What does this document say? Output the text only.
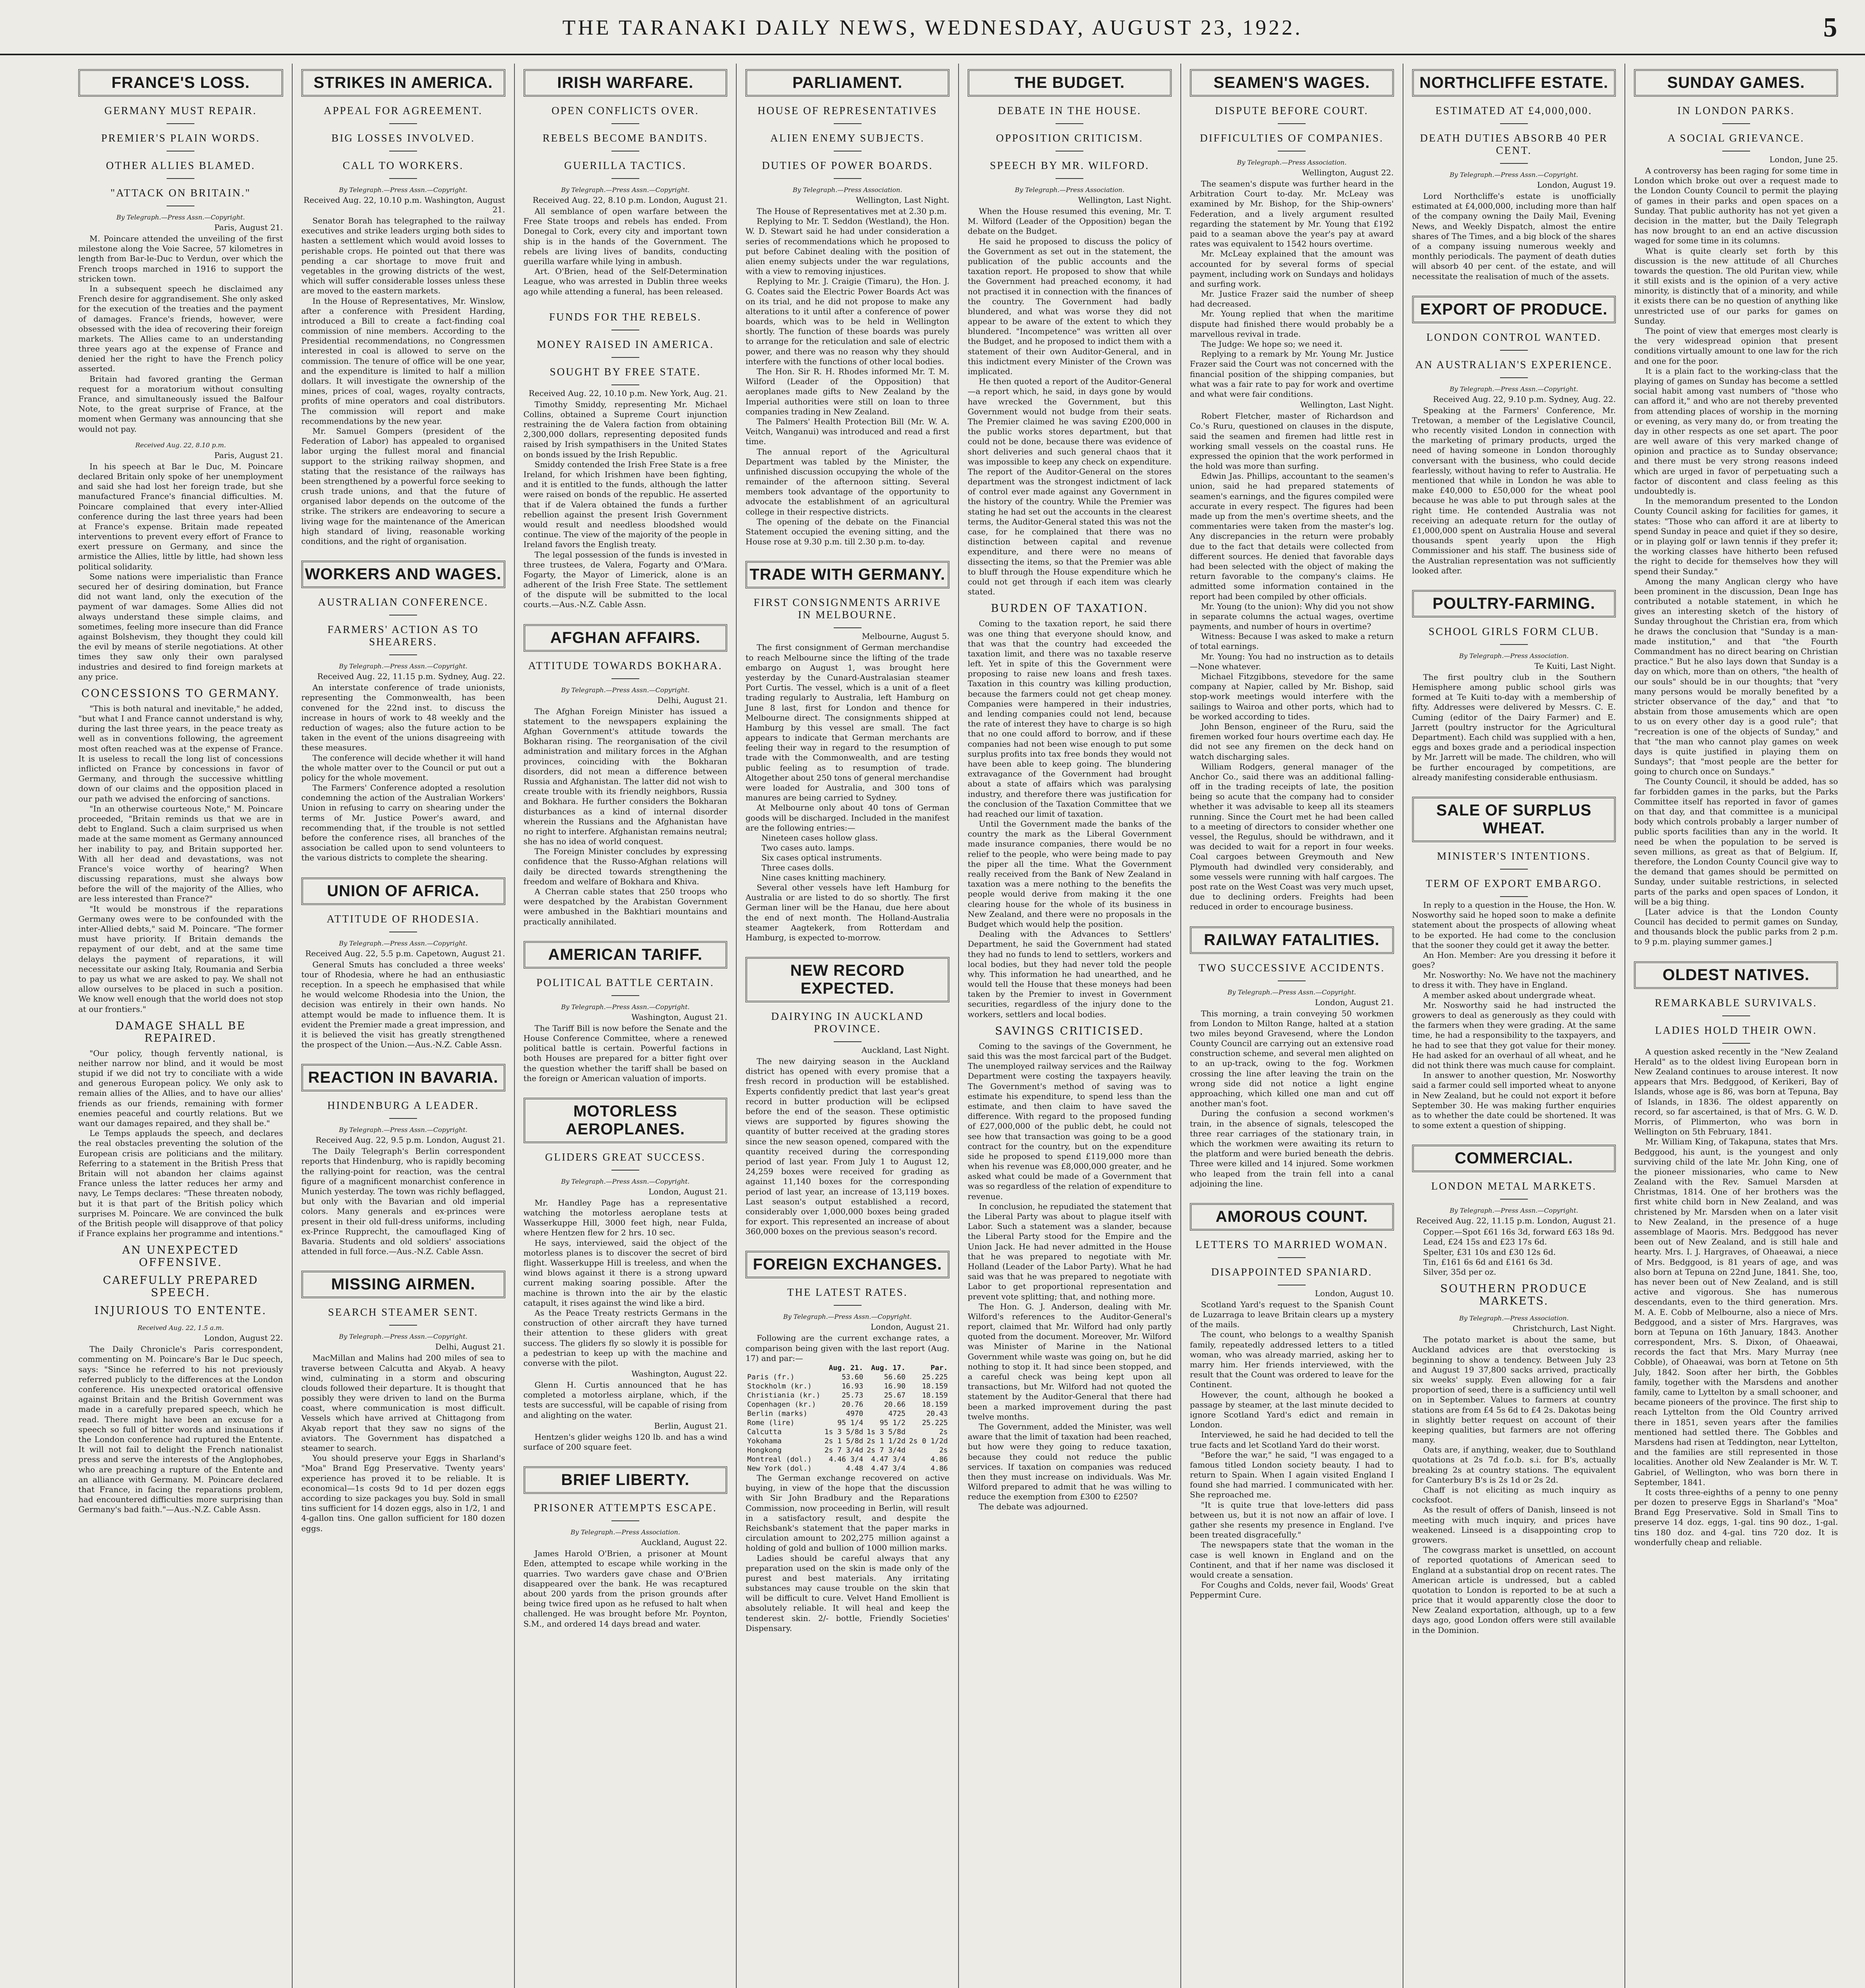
THE TARANAKI DAILY NEWS, WEDNESDAY, AUGUST 23, 1922.	5
FRANCE'S LOSS.
GERMANY MUST REPAIR.
PREMIER'S PLAIN WORDS.
OTHER ALLIES BLAMED.
"ATTACK ON BRITAIN."
By Telegraph.—Press Assn.—Copyright.
Paris, August 21.

M. Poincare attended the unveiling of the first milestone along the Voie Sacree, 57 kilometres in length from Bar-le-Duc to Verdun, over which the French troops marched in 1916 to support the stricken town.

In a subsequent speech he disclaimed any French desire for aggrandisement. She only asked for the execution of the treaties and the payment of damages. France's friends, however, were obsessed with the idea of recovering their foreign markets. The Allies came to an understanding three years ago at the expense of France and denied her the right to have the French policy asserted.

Britain had favored granting the German request for a moratorium without consulting France, and simultaneously issued the Balfour Note, to the great surprise of France, at the moment when Germany was announcing that she would not pay.

Received Aug. 22, 8.10 p.m.
Paris, August 21.

In his speech at Bar le Duc, M. Poincare declared Britain only spoke of her unemployment and said she had lost her foreign trade, but she manufactured France's financial difficulties. M. Poincare complained that every inter-Allied conference during the last three years had been at France's expense. Britain made repeated interventions to prevent every effort of France to exert pressure on Germany, and since the armistice the Allies, little by little, had shown less political solidarity.

Some nations were imperialistic than France secured her of desiring domination, but France did not want land, only the execution of the payment of war damages. Some Allies did not always understand these simple claims, and sometimes, feeling more insecure than did France against Bolshevism, they thought they could kill the evil by means of sterile negotiations. At other times they saw only their own paralysed industries and desired to find foreign markets at any price.

CONCESSIONS TO GERMANY.

"This is both natural and inevitable," he added, "but what I and France cannot understand is why, during the last three years, in the peace treaty as well as in conventions following, the agreement most often reached was at the expense of France. It is useless to recall the long list of concessions inflicted on France by concessions in favor of Germany, and through the successive whittling down of our claims and the opposition placed in our path we advised the enforcing of sanctions.

"In an otherwise courteous Note," M. Poincare proceeded, "Britain reminds us that we are in debt to England. Such a claim surprised us when made at the same moment as Germany announced her inability to pay, and Britain supported her. With all her dead and devastations, was not France's voice worthy of hearing? When discussing reparations, must she always bow before the will of the majority of the Allies, who are less interested than France?"

"It would be monstrous if the reparations Germany owes were to be confounded with the inter-Allied debts," said M. Poincare. "The former must have priority. If Britain demands the repayment of our debt, and at the same time delays the payment of reparations, it will necessitate our asking Italy, Roumania and Serbia to pay us what we are asked to pay. We shall not allow ourselves to be placed in such a position. We know well enough that the world does not stop at our frontiers."

DAMAGE SHALL BE REPAIRED.

"Our policy, though fervently national, is neither narrow nor blind, and it would be most stupid if we did not try to conciliate with a wide and generous European policy. We only ask to remain allies of the Allies, and to have our allies' friends as our friends, remaining with former enemies peaceful and courtly relations. But we want our damages repaired, and they shall be."

Le Temps applauds the speech, and declares the real obstacles preventing the solution of the European crisis are politicians and the military. Referring to a statement in the British Press that Britain will not abandon her claims against France unless the latter reduces her army and navy, Le Temps declares: "These threaten nobody, but it is that part of the British policy which surprises M. Poincare. We are convinced the bulk of the British people will disapprove of that policy if France explains her programme and intentions."

AN UNEXPECTED OFFENSIVE.
CAREFULLY PREPARED SPEECH.
INJURIOUS TO ENTENTE.
Received Aug. 22, 1.5 a.m.
London, August 22.

The Daily Chronicle's Paris correspondent, commenting on M. Poincare's Bar le Duc speech, says: "Since he referred to his not previously referred publicly to the differences at the London conference. His unexpected oratorical offensive against Britain and the British Government was made in a carefully prepared speech, which he read. There might have been an excuse for a speech so full of bitter words and insinuations if the London conference had ruptured the Entente. It will not fail to delight the French nationalist press and serve the interests of the Anglophobes, who are preaching a rupture of the Entente and an alliance with Germany. M. Poincare declared that France, in facing the reparations problem, had encountered difficulties more surprising than Germany's bad faith."—Aus.-N.Z. Cable Assn.

STRIKES IN AMERICA.
APPEAL FOR AGREEMENT.
BIG LOSSES INVOLVED.
CALL TO WORKERS.
By Telegraph.—Press Assn.—Copyright.
Received Aug. 22, 10.10 p.m. Washington, August 21.

Senator Borah has telegraphed to the railway executives and strike leaders urging both sides to hasten a settlement which would avoid losses to perishable crops. He pointed out that there was pending a car shortage to move fruit and vegetables in the growing districts of the west, which will suffer considerable losses unless these are moved to the eastern markets.

In the House of Representatives, Mr. Winslow, after a conference with President Harding, introduced a Bill to create a fact-finding coal commission of nine members. According to the Presidential recommendations, no Congressmen interested in coal is allowed to serve on the commission. The tenure of office will be one year, and the expenditure is limited to half a million dollars. It will investigate the ownership of the mines, prices of coal, wages, royalty contracts, profits of mine operators and coal distributors. The commission will report and make recommendations by the new year.

Mr. Samuel Gompers (president of the Federation of Labor) has appealed to organised labor urging the fullest moral and financial support to the striking railway shopmen, and stating that the resistance of the railways has been strengthened by a powerful force seeking to crush trade unions, and that the future of organised labor depends on the outcome of the strike. The strikers are endeavoring to secure a living wage for the maintenance of the American high standard of living, reasonable working conditions, and the right of organisation.

WORKERS AND WAGES.
AUSTRALIAN CONFERENCE.
FARMERS' ACTION AS TO SHEARERS.
By Telegraph.—Press Assn.—Copyright.
Received Aug. 22, 11.15 p.m. Sydney, Aug. 22.

An interstate conference of trade unionists, representing the Commonwealth, has been convened for the 22nd inst. to discuss the increase in hours of work to 48 weekly and the reduction of wages; also the future action to be taken in the event of the unions disagreeing with these measures.

The conference will decide whether it will hand the whole matter over to the Council or put out a policy for the whole movement.

The Farmers' Conference adopted a resolution condemning the action of the Australian Workers' Union in refusing to carry on shearing under the terms of Mr. Justice Power's award, and recommending that, if the trouble is not settled before the conference rises, all branches of the association be called upon to send volunteers to the various districts to complete the shearing.

UNION OF AFRICA.
ATTITUDE OF RHODESIA.
By Telegraph.—Press Assn.—Copyright.
Received Aug. 22, 5.5 p.m. Capetown, August 21.

General Smuts has concluded a three weeks' tour of Rhodesia, where he had an enthusiastic reception. In a speech he emphasised that while he would welcome Rhodesia into the Union, the decision was entirely in their own hands. No attempt would be made to influence them. It is evident the Premier made a great impression, and it is believed the visit has greatly strengthened the prospect of the Union.—Aus.-N.Z. Cable Assn.

REACTION IN BAVARIA.
HINDENBURG A LEADER.
By Telegraph.—Press Assn.—Copyright.
Received Aug. 22, 9.5 p.m. London, August 21.

The Daily Telegraph's Berlin correspondent reports that Hindenburg, who is rapidly becoming the rallying-point for reaction, was the central figure of a magnificent monarchist conference in Munich yesterday. The town was richly beflagged, but only with the Bavarian and old imperial colors. Many generals and ex-princes were present in their old full-dress uniforms, including ex-Prince Rupprecht, the camouflaged King of Bavaria. Students and old soldiers' associations attended in full force.—Aus.-N.Z. Cable Assn.

MISSING AIRMEN.
SEARCH STEAMER SENT.
By Telegraph.—Press Assn.—Copyright.
Delhi, August 21.

MacMillan and Malins had 200 miles of sea to traverse between Calcutta and Akyab. A heavy wind, culminating in a storm and obscuring clouds followed their departure. It is thought that possibly they were driven to land on the Burma coast, where communication is most difficult. Vessels which have arrived at Chittagong from Akyab report that they saw no signs of the aviators. The Government has dispatched a steamer to search.

You should preserve your Eggs in Sharland's "Moa" Brand Egg Preservative. Twenty years' experience has proved it to be reliable. It is economical—1s costs 9d to 1d per dozen eggs according to size packages you buy. Sold in small tins sufficient for 14 dozen eggs, also in 1/2, 1 and 4-gallon tins. One gallon sufficient for 180 dozen eggs.

IRISH WARFARE.
OPEN CONFLICTS OVER.
REBELS BECOME BANDITS.
GUERILLA TACTICS.
By Telegraph.—Press Assn.—Copyright.
Received Aug. 22, 8.10 p.m. London, August 21.

All semblance of open warfare between the Free State troops and rebels has ended. From Donegal to Cork, every city and important town ship is in the hands of the Government. The rebels are living lives of bandits, conducting guerilla warfare while lying in ambush.

Art. O'Brien, head of the Self-Determination League, who was arrested in Dublin three weeks ago while attending a funeral, has been released.

FUNDS FOR THE REBELS.
MONEY RAISED IN AMERICA.
SOUGHT BY FREE STATE.
Received Aug. 22, 10.10 p.m. New York, Aug. 21.

Timothy Smiddy, representing Mr. Michael Collins, obtained a Supreme Court injunction restraining the de Valera faction from obtaining 2,300,000 dollars, representing deposited funds raised by Irish sympathisers in the United States on bonds issued by the Irish Republic.

Smiddy contended the Irish Free State is a free Ireland, for which Irishmen have been fighting, and it is entitled to the funds, although the latter were raised on bonds of the republic. He asserted that if de Valera obtained the funds a further rebellion against the present Irish Government would result and needless bloodshed would continue. The view of the majority of the people in Ireland favors the English treaty.

The legal possession of the funds is invested in three trustees, de Valera, Fogarty and O'Mara. Fogarty, the Mayor of Limerick, alone is an adherent of the Irish Free State. The settlement of the dispute will be submitted to the local courts.—Aus.-N.Z. Cable Assn.

AFGHAN AFFAIRS.
ATTITUDE TOWARDS BOKHARA.
By Telegraph.—Press Assn.—Copyright.
Delhi, August 21.

The Afghan Foreign Minister has issued a statement to the newspapers explaining the Afghan Government's attitude towards the Bokharan rising. The reorganisation of the civil administration and military forces in the Afghan provinces, coinciding with the Bokharan disorders, did not mean a difference between Russia and Afghanistan. The latter did not wish to create trouble with its friendly neighbors, Russia and Bokhara. He further considers the Bokharan disturbances as a kind of internal disorder wherein the Russians and the Afghanistan have no right to interfere. Afghanistan remains neutral; she has no idea of world conquest.

The Foreign Minister concludes by expressing confidence that the Russo-Afghan relations will daily be directed towards strengthening the freedom and welfare of Bokhara and Khiva.

A Cherran cable states that 250 troops who were despatched by the Arabistan Government were ambushed in the Bakhtiari mountains and practically annihilated.

AMERICAN TARIFF.
POLITICAL BATTLE CERTAIN.
By Telegraph.—Press Assn.—Copyright.
Washington, August 21.

The Tariff Bill is now before the Senate and the House Conference Committee, where a renewed political battle is certain. Powerful factions in both Houses are prepared for a bitter fight over the question whether the tariff shall be based on the foreign or American valuation of imports.

MOTORLESS AEROPLANES.
GLIDERS GREAT SUCCESS.
By Telegraph.—Press Assn.—Copyright.
London, August 21.

Mr. Handley Page has a representative watching the motorless aeroplane tests at Wasserkuppe Hill, 3000 feet high, near Fulda, where Hentzen flew for 2 hrs. 10 sec.

He says, interviewed, said the object of the motorless planes is to discover the secret of bird flight. Wasserkuppe Hill is treeless, and when the wind blows against it there is a strong upward current making soaring possible. After the machine is thrown into the air by the elastic catapult, it rises against the wind like a bird.

As the Peace Treaty restricts Germans in the construction of other aircraft they have turned their attention to these gliders with great success. The gliders fly so slowly it is possible for a pedestrian to keep up with the machine and converse with the pilot.

Washington, August 22.

Glenn H. Curtis announced that he has completed a motorless airplane, which, if the tests are successful, will be capable of rising from and alighting on the water.

Berlin, August 21.

Hentzen's glider weighs 120 lb. and has a wind surface of 200 square feet.

BRIEF LIBERTY.
PRISONER ATTEMPTS ESCAPE.
By Telegraph.—Press Association.
Auckland, August 22.

James Harold O'Brien, a prisoner at Mount Eden, attempted to escape while working in the quarries. Two warders gave chase and O'Brien disappeared over the bank. He was recaptured about 200 yards from the prison grounds after being twice fired upon as he refused to halt when challenged. He was brought before Mr. Poynton, S.M., and ordered 14 days bread and water.

PARLIAMENT.
HOUSE OF REPRESENTATIVES
ALIEN ENEMY SUBJECTS.
DUTIES OF POWER BOARDS.
By Telegraph.—Press Association.
Wellington, Last Night.

The House of Representatives met at 2.30 p.m.

Replying to Mr. T. Seddon (Westland), the Hon. W. D. Stewart said he had under consideration a series of recommendations which he proposed to put before Cabinet dealing with the position of alien enemy subjects under the war regulations, with a view to removing injustices.

Replying to Mr. J. Craigie (Timaru), the Hon. J. G. Coates said the Electric Power Boards Act was on its trial, and he did not propose to make any alterations to it until after a conference of power boards, which was to be held in Wellington shortly. The function of these boards was purely to arrange for the reticulation and sale of electric power, and there was no reason why they should interfere with the functions of other local bodies.

The Hon. Sir R. H. Rhodes informed Mr. T. M. Wilford (Leader of the Opposition) that aeroplanes made gifts to New Zealand by the Imperial authorities were still on loan to three companies trading in New Zealand.

The Palmers' Health Protection Bill (Mr. W. A. Veitch, Wanganui) was introduced and read a first time.

The annual report of the Agricultural Department was tabled by the Minister, the unfinished discussion occupying the whole of the remainder of the afternoon sitting. Several members took advantage of the opportunity to advocate the establishment of an agricultural college in their respective districts.

The opening of the debate on the Financial Statement occupied the evening sitting, and the House rose at 9.30 p.m. till 2.30 p.m. to-day.

TRADE WITH GERMANY.
FIRST CONSIGNMENTS ARRIVE IN MELBOURNE.
Melbourne, August 5.

The first consignment of German merchandise to reach Melbourne since the lifting of the trade embargo on August 1, was brought here yesterday by the Cunard-Australasian steamer Port Curtis. The vessel, which is a unit of a fleet trading regularly to Australia, left Hamburg on June 8 last, first for London and thence for Melbourne direct. The consignments shipped at Hamburg by this vessel are small. The fact appears to indicate that German merchants are feeling their way in regard to the resumption of trade with the Commonwealth, and are testing public feeling as to resumption of trade. Altogether about 250 tons of general merchandise were loaded for Australia, and 300 tons of manures are being carried to Sydney.

At Melbourne only about 40 tons of German goods will be discharged. Included in the manifest are the following entries:—

Nineteen cases hollow glass.
Two cases auto. lamps.
Six cases optical instruments.
Three cases dolls.
Nine cases knitting machinery.

Several other vessels have left Hamburg for Australia or are listed to do so shortly. The first German liner will be the Hanau, due here about the end of next month. The Holland-Australia steamer Aagtekerk, from Rotterdam and Hamburg, is expected to-morrow.

NEW RECORD EXPECTED.
DAIRYING IN AUCKLAND PROVINCE.
Auckland, Last Night.

The new dairying season in the Auckland district has opened with every promise that a fresh record in production will be established. Experts confidently predict that last year's great record in butter production will be eclipsed before the end of the season. These optimistic views are supported by figures showing the quantity of butter received at the grading stores since the new season opened, compared with the quantity received during the corresponding period of last year. From July 1 to August 12, 24,259 boxes were received for grading as against 11,140 boxes for the corresponding period of last year, an increase of 13,119 boxes. Last season's output established a record, considerably over 1,000,000 boxes being graded for export. This represented an increase of about 360,000 boxes on the previous season's record.

FOREIGN EXCHANGES.
THE LATEST RATES.
By Telegraph.—Press Assn.—Copyright.
London, August 21.

Following are the current exchange rates, a comparison being given with the last report (Aug. 17) and par:—

	Aug. 21.	Aug. 17.	Par.
Paris (fr.)	53.60	56.60	25.225
Stockholm (kr.)	16.93	16.90	18.159
Christiania (kr.)	25.73	25.67	18.159
Copenhagen (kr.)	20.76	20.66	18.159
Berlin (marks)	4970	4725	20.43
Rome (lire)	95 1/4	95 1/2	25.225
Calcutta	1s 3 5/8d	1s 3 5/8d	2s
Yokohama	2s 1 5/8d	2s 1 1/2d	2s 0 1/2d
Hongkong	2s 7 3/4d	2s 7 3/4d	2s
Montreal (dol.)	4.46 3/4	4.47 3/4	4.86
New York (dol.)	4.48	4.47 3/4	4.86

The German exchange recovered on active buying, in view of the hope that the discussion with Sir John Bradbury and the Reparations Commission, now proceeding in Berlin, will result in a satisfactory result, and despite the Reichsbank's statement that the paper marks in circulation amount to 202,275 million against a holding of gold and bullion of 1000 million marks.

Ladies should be careful always that any preparation used on the skin is made only of the purest and best materials. Any irritating substances may cause trouble on the skin that will be difficult to cure. Velvet Hand Emollient is absolutely reliable. It will heal and keep the tenderest skin. 2/- bottle, Friendly Societies' Dispensary.

THE BUDGET.
DEBATE IN THE HOUSE.
OPPOSITION CRITICISM.
SPEECH BY MR. WILFORD.
By Telegraph.—Press Association.
Wellington, Last Night.

When the House resumed this evening, Mr. T. M. Wilford (Leader of the Opposition) began the debate on the Budget.

He said he proposed to discuss the policy of the Government as set out in the statement, the publication of the public accounts and the taxation report. He proposed to show that while the Government had preached economy, it had not practised it in connection with the finances of the country. The Government had badly blundered, and what was worse they did not appear to be aware of the extent to which they blundered. "Incompetence" was written all over the Budget, and he proposed to indict them with a statement of their own Auditor-General, and in this indictment every Minister of the Crown was implicated.

He then quoted a report of the Auditor-General—a report which, he said, in days gone by would have wrecked the Government, but this Government would not budge from their seats. The Premier claimed he was saving £200,000 in the public works stores department, but that could not be done, because there was evidence of short deliveries and such general chaos that it was impossible to keep any check on expenditure. The report of the Auditor-General on the stores department was the strongest indictment of lack of control ever made against any Government in the history of the country. While the Premier was stating he had set out the accounts in the clearest terms, the Auditor-General stated this was not the case, for he complained that there was no distinction between capital and revenue expenditure, and there were no means of dissecting the items, so that the Premier was able to bluff through the House expenditure which he could not get through if each item was clearly stated.

BURDEN OF TAXATION.

Coming to the taxation report, he said there was one thing that everyone should know, and that was that the country had exceeded the taxation limit, and there was no taxable reserve left. Yet in spite of this the Government were proposing to raise new loans and fresh taxes. Taxation in this country was killing production, because the farmers could not get cheap money. Companies were hampered in their industries, and lending companies could not lend, because the rate of interest they have to charge is so high that no one could afford to borrow, and if these companies had not been wise enough to put some surplus profits into tax free bonds they would not have been able to keep going. The blundering extravagance of the Government had brought about a state of affairs which was paralysing industry, and therefore there was justification for the conclusion of the Taxation Committee that we had reached our limit of taxation.

Until the Government made the banks of the country the mark as the Liberal Government made insurance companies, there would be no relief to the people, who were being made to pay the piper all the time. What the Government really received from the Bank of New Zealand in taxation was a mere nothing to the benefits the people would derive from making it the one clearing house for the whole of its business in New Zealand, and there were no proposals in the Budget which would help the position.

Dealing with the Advances to Settlers' Department, he said the Government had stated they had no funds to lend to settlers, workers and local bodies, but they had never told the people why. This information he had unearthed, and he would tell the House that these moneys had been taken by the Premier to invest in Government securities, regardless of the injury done to the workers, settlers and local bodies.

SAVINGS CRITICISED.

Coming to the savings of the Government, he said this was the most farcical part of the Budget. The unemployed railway services and the Railway Department were costing the taxpayers heavily. The Government's method of saving was to estimate his expenditure, to spend less than the estimate, and then claim to have saved the difference. With regard to the proposed funding of £27,000,000 of the public debt, he could not see how that transaction was going to be a good contract for the country, but on the expenditure side he proposed to spend £119,000 more than when his revenue was £8,000,000 greater, and he asked what could be made of a Government that was so regardless of the relation of expenditure to revenue.

In conclusion, he repudiated the statement that the Liberal Party was about to plague itself with Labor. Such a statement was a slander, because the Liberal Party stood for the Empire and the Union Jack. He had never admitted in the House that he was prepared to negotiate with Mr. Holland (Leader of the Labor Party). What he had said was that he was prepared to negotiate with Labor to get proportional representation and prevent vote splitting; that, and nothing more.

The Hon. G. J. Anderson, dealing with Mr. Wilford's references to the Auditor-General's report, claimed that Mr. Wilford had only partly quoted from the document. Moreover, Mr. Wilford was Minister of Marine in the National Government while waste was going on, but he did nothing to stop it. It had since been stopped, and a careful check was being kept upon all transactions, but Mr. Wilford had not quoted the statement by the Auditor-General that there had been a marked improvement during the past twelve months.

The Government, added the Minister, was well aware that the limit of taxation had been reached, but how were they going to reduce taxation, because they could not reduce the public services. If taxation on companies was reduced then they must increase on individuals. Was Mr. Wilford prepared to admit that he was willing to reduce the exemption from £300 to £250?

The debate was adjourned.

SEAMEN'S WAGES.
DISPUTE BEFORE COURT.
DIFFICULTIES OF COMPANIES.
By Telegraph.—Press Association.
Wellington, August 22.

The seamen's dispute was further heard in the Arbitration Court to-day. Mr. McLeay was examined by Mr. Bishop, for the Ship-owners' Federation, and a lively argument resulted regarding the statement by Mr. Young that £192 paid to a seaman above the year's pay at award rates was equivalent to 1542 hours overtime.

Mr. McLeay explained that the amount was accounted for by several forms of special payment, including work on Sundays and holidays and surfing work.

Mr. Justice Frazer said the number of sheep had decreased.

Mr. Young replied that when the maritime dispute had finished there would probably be a marvellous revival in trade.

The Judge: We hope so; we need it.

Replying to a remark by Mr. Young Mr. Justice Frazer said the Court was not concerned with the financial position of the shipping companies, but what was a fair rate to pay for work and overtime and what were fair conditions.

Wellington, Last Night.

Robert Fletcher, master of Richardson and Co.'s Ruru, questioned on clauses in the dispute, said the seamen and firemen had little rest in working small vessels on the coastal runs. He expressed the opinion that the work performed in the hold was more than surfing.

Edwin Jas. Phillips, accountant to the seamen's union, said he had prepared statements of seamen's earnings, and the figures compiled were accurate in every respect. The figures had been made up from the men's overtime sheets, and the commentaries were taken from the master's log. Any discrepancies in the return were probably due to the fact that details were collected from different sources. He denied that favorable days had been selected with the object of making the return favorable to the company's claims. He admitted some information contained in the report had been compiled by other officials.

Mr. Young (to the union): Why did you not show in separate columns the actual wages, overtime payments, and number of hours in overtime?

Witness: Because I was asked to make a return of total earnings.

Mr. Young: You had no instruction as to details—None whatever.

Michael Fitzgibbons, stevedore for the same company at Napier, called by Mr. Bishop, said stop-work meetings would interfere with the sailings to Wairoa and other ports, which had to be worked according to tides.

John Benson, engineer of the Ruru, said the firemen worked four hours overtime each day. He did not see any firemen on the deck hand on watch discharging sales.

William Rodgers, general manager of the Anchor Co., said there was an additional falling-off in the trading receipts of late, the position being so acute that the company had to consider whether it was advisable to keep all its steamers running. Since the Court met he had been called to a meeting of directors to consider whether one vessel, the Regulus, should be withdrawn, and it was decided to wait for a report in four weeks. Coal cargoes between Greymouth and New Plymouth had dwindled very considerably, and some vessels were running with half cargoes. The post rate on the West Coast was very much upset, due to declining orders. Freights had been reduced in order to encourage business.

RAILWAY FATALITIES.
TWO SUCCESSIVE ACCIDENTS.
By Telegraph.—Press Assn.—Copyright.
London, August 21.

This morning, a train conveying 50 workmen from London to Milton Range, halted at a station two miles beyond Gravesend, where the London County Council are carrying out an extensive road construction scheme, and several men alighted on to an up-track, owing to the fog. Workmen crossing the line after leaving the train on the wrong side did not notice a light engine approaching, which killed one man and cut off another man's foot.

During the confusion a second workmen's train, in the absence of signals, telescoped the three rear carriages of the stationary train, in which the workmen were awaiting its return to the platform and were buried beneath the debris. Three were killed and 14 injured. Some workmen who leaped from the train fell into a canal adjoining the line.

AMOROUS COUNT.
LETTERS TO MARRIED WOMAN.
DISAPPOINTED SPANIARD.
London, August 10.

Scotland Yard's request to the Spanish Count de Luzarraga to leave Britain clears up a mystery of the mails.

The count, who belongs to a wealthy Spanish family, repeatedly addressed letters to a titled woman, who was already married, asking her to marry him. Her friends interviewed, with the result that the Count was ordered to leave for the Continent.

However, the count, although he booked a passage by steamer, at the last minute decided to ignore Scotland Yard's edict and remain in London.

Interviewed, he said he had decided to tell the true facts and let Scotland Yard do their worst.

"Before the war," he said, "I was engaged to a famous titled London society beauty. I had to return to Spain. When I again visited England I found she had married. I communicated with her. She reproached me.

"It is quite true that love-letters did pass between us, but it is not now an affair of love. I gather she resents my presence in England. I've been treated disgracefully."

The newspapers state that the woman in the case is well known in England and on the Continent, and that if her name was disclosed it would create a sensation.

For Coughs and Colds, never fail, Woods' Great Peppermint Cure.

NORTHCLIFFE ESTATE.
ESTIMATED AT £4,000,000.
DEATH DUTIES ABSORB 40 PER CENT.
By Telegraph.—Press Assn.—Copyright.
London, August 19.

Lord Northcliffe's estate is unofficially estimated at £4,000,000, including more than half of the company owning the Daily Mail, Evening News, and Weekly Dispatch, almost the entire shares of The Times, and a big block of the shares of a company issuing numerous weekly and monthly periodicals. The payment of death duties will absorb 40 per cent. of the estate, and will necessitate the realisation of much of the assets.

EXPORT OF PRODUCE.
LONDON CONTROL WANTED.
AN AUSTRALIAN'S EXPERIENCE.
By Telegraph.—Press Assn.—Copyright.
Received Aug. 22, 9.10 p.m. Sydney, Aug. 22.

Speaking at the Farmers' Conference, Mr. Tretowan, a member of the Legislative Council, who recently visited London in connection with the marketing of primary products, urged the need of having someone in London thoroughly conversant with the business, who could decide fearlessly, without having to refer to Australia. He mentioned that while in London he was able to make £40,000 to £50,000 for the wheat pool because he was able to put through sales at the right time. He contended Australia was not receiving an adequate return for the outlay of £1,000,000 spent on Australia House and several thousands spent yearly upon the High Commissioner and his staff. The business side of the Australian representation was not sufficiently looked after.

POULTRY-FARMING.
SCHOOL GIRLS FORM CLUB.
By Telegraph.—Press Association.
Te Kuiti, Last Night.

The first poultry club in the Southern Hemisphere among public school girls was formed at Te Kuiti to-day with a membership of fifty. Addresses were delivered by Messrs. C. E. Cuming (editor of the Dairy Farmer) and E. Jarrett (poultry instructor for the Agricultural Department). Each child was supplied with a hen, eggs and boxes grade and a periodical inspection by Mr. Jarrett will be made. The children, who will be further encouraged by competitions, are already manifesting considerable enthusiasm.

SALE OF SURPLUS WHEAT.
MINISTER'S INTENTIONS.
TERM OF EXPORT EMBARGO.

In reply to a question in the House, the Hon. W. Nosworthy said he hoped soon to make a definite statement about the prospects of allowing wheat to be exported. He had come to the conclusion that the sooner they could get it away the better.

An Hon. Member: Are you dressing it before it goes?

Mr. Nosworthy: No. We have not the machinery to dress it with. They have in England.

A member asked about undergrade wheat.

Mr. Nosworthy said he had instructed the growers to deal as generously as they could with the farmers when they were grading. At the same time, he had a responsibility to the taxpayers, and he had to see that they got value for their money. He had asked for an overhaul of all wheat, and he did not think there was much cause for complaint.

In answer to another question, Mr. Nosworthy said a farmer could sell imported wheat to anyone in New Zealand, but he could not export it before September 30. He was making further enquiries as to whether the date could be shortened. It was to some extent a question of shipping.

COMMERCIAL.
LONDON METAL MARKETS.
By Telegraph.—Press Assn.—Copyright.
Received Aug. 22, 11.15 p.m. London, August 21.

Copper.—Spot £61 16s 3d, forward £63 18s 9d.

Lead, £24 15s and £23 17s 6d.

Spelter, £31 10s and £30 12s 6d.

Tin, £161 6s 6d and £161 6s 3d.

Silver, 35d per oz.

SOUTHERN PRODUCE MARKETS.
By Telegraph.—Press Association.
Christchurch, Last Night.

The potato market is about the same, but Auckland advices are that overstocking is beginning to show a tendency. Between July 23 and August 19 37,800 sacks arrived, practically six weeks' supply. Even allowing for a fair proportion of seed, there is a sufficiency until well on in September. Values to farmers at country stations are from £4 5s 6d to £4 2s. Dakotas being in slightly better request on account of their keeping qualities, but farmers are not offering many.

Oats are, if anything, weaker, due to Southland quotations at 2s 7d f.o.b. s.i. for B's, actually breaking 2s at country stations. The equivalent for Canterbury B's is 2s 1d or 2s 2d.

Chaff is not eliciting as much inquiry as cocksfoot.

As the result of offers of Danish, linseed is not meeting with much inquiry, and prices have weakened. Linseed is a disappointing crop to growers.

The cowgrass market is unsettled, on account of reported quotations of American seed to England at a substantial drop on recent rates. The American article is undressed, but a cabled quotation to London is reported to be at such a price that it would apparently close the door to New Zealand exportation, although, up to a few days ago, good London offers were still available in the Dominion.

SUNDAY GAMES.
IN LONDON PARKS.
A SOCIAL GRIEVANCE.
London, June 25.

A controversy has been raging for some time in London which broke out over a request made to the London County Council to permit the playing of games in their parks and open spaces on a Sunday. That public authority has not yet given a decision in the matter, but the Daily Telegraph has now brought to an end an active discussion waged for some time in its columns.

What is quite clearly set forth by this discussion is the new attitude of all Churches towards the question. The old Puritan view, while it still exists and is the opinion of a very active minority, is distinctly that of a minority, and while it exists there can be no question of anything like unrestricted use of our parks for games on Sunday.

The point of view that emerges most clearly is the very widespread opinion that present conditions virtually amount to one law for the rich and one for the poor.

It is a plain fact to the working-class that the playing of games on Sunday has become a settled social habit among vast numbers of "those who can afford it," and who are not thereby prevented from attending places of worship in the morning or evening, as very many do, or from treating the day in other respects as one set apart. The poor are well aware of this very marked change of opinion and practice as to Sunday observance; and there must be very strong reasons indeed which are urged in favor of perpetuating such a factor of discontent and class feeling as this undoubtedly is.

In the memorandum presented to the London County Council asking for facilities for games, it states: "Those who can afford it are at liberty to spend Sunday in peace and quiet if they so desire, or in playing golf or lawn tennis if they prefer it; the working classes have hitherto been refused the right to decide for themselves how they will spend their Sunday."

Among the many Anglican clergy who have been prominent in the discussion, Dean Inge has contributed a notable statement, in which he gives an interesting sketch of the history of Sunday throughout the Christian era, from which he draws the conclusion that "Sunday is a man-made institution," and that "the Fourth Commandment has no direct bearing on Christian practice." But he also lays down that Sunday is a day on which, more than on others, "the health of our souls" should be in our thoughts; that "very many persons would be morally benefited by a stricter observance of the day," and that "to abstain from those amusements which are open to us on every other day is a good rule"; that "recreation is one of the objects of Sunday," and that "the man who cannot play games on week days is quite justified in playing them on Sundays"; that "most people are the better for going to church once on Sundays."

The County Council, it should be added, has so far forbidden games in the parks, but the Parks Committee itself has reported in favor of games on that day, and that committee is a municipal body which controls probably a larger number of public sports facilities than any in the world. It need be when the population to be served is seven millions, as great as that of Belgium. If, therefore, the London County Council give way to the demand that games should be permitted on Sunday, under suitable restrictions, in selected parts of the parks and open spaces of London, it will be a big thing.

[Later advice is that the London County Council has decided to permit games on Sunday, and thousands block the public parks from 2 p.m. to 9 p.m. playing summer games.]

OLDEST NATIVES.
REMARKABLE SURVIVALS.
LADIES HOLD THEIR OWN.

A question asked recently in the "New Zealand Herald" as to the oldest living European born in New Zealand continues to arouse interest. It now appears that Mrs. Bedggood, of Kerikeri, Bay of Islands, whose age is 86, was born at Tepuna, Bay of Islands, in 1836. The oldest apparently on record, so far ascertained, is that of Mrs. G. W. D. Morris, of Plimmerton, who was born in Wellington on 5th February, 1841.

Mr. William King, of Takapuna, states that Mrs. Bedggood, his aunt, is the youngest and only surviving child of the late Mr. John King, one of the pioneer missionaries, who came to New Zealand with the Rev. Samuel Marsden at Christmas, 1814. One of her brothers was the first white child born in New Zealand, and was christened by Mr. Marsden when on a later visit to New Zealand, in the presence of a huge assemblage of Maoris. Mrs. Bedggood has never been out of New Zealand, and is still hale and hearty. Mrs. I. J. Hargraves, of Ohaeawai, a niece of Mrs. Bedggood, is 81 years of age, and was also born at Tepuna on 22nd June, 1841. She, too, has never been out of New Zealand, and is still active and vigorous. She has numerous descendants, even to the third generation. Mrs. M. A. E. Cobb of Melbourne, also a niece of Mrs. Bedggood, and a sister of Mrs. Hargraves, was born at Tepuna on 16th January, 1843. Another correspondent, Mrs. S. Dixon, of Ohaeawai, records the fact that Mrs. Mary Murray (nee Cobble), of Ohaeawai, was born at Tetone on 5th July, 1842. Soon after her birth, the Gobbles family, together with the Marsdens and another family, came to Lyttelton by a small schooner, and became pioneers of the province. The first ship to reach Lyttelton from the Old Country arrived there in 1851, seven years after the families mentioned had settled there. The Gobbles and Marsdens had risen at Teddington, near Lyttelton, and the families are still represented in those localities. Another old New Zealander is Mr. W. T. Gabriel, of Wellington, who was born there in September, 1841.

It costs three-eighths of a penny to one penny per dozen to preserve Eggs in Sharland's "Moa" Brand Egg Preservative. Sold in Small Tins to preserve 14 doz. eggs, 1-gal. tins 90 doz., 1-gal. tins 180 doz. and 4-gal. tins 720 doz. It is wonderfully cheap and reliable.
